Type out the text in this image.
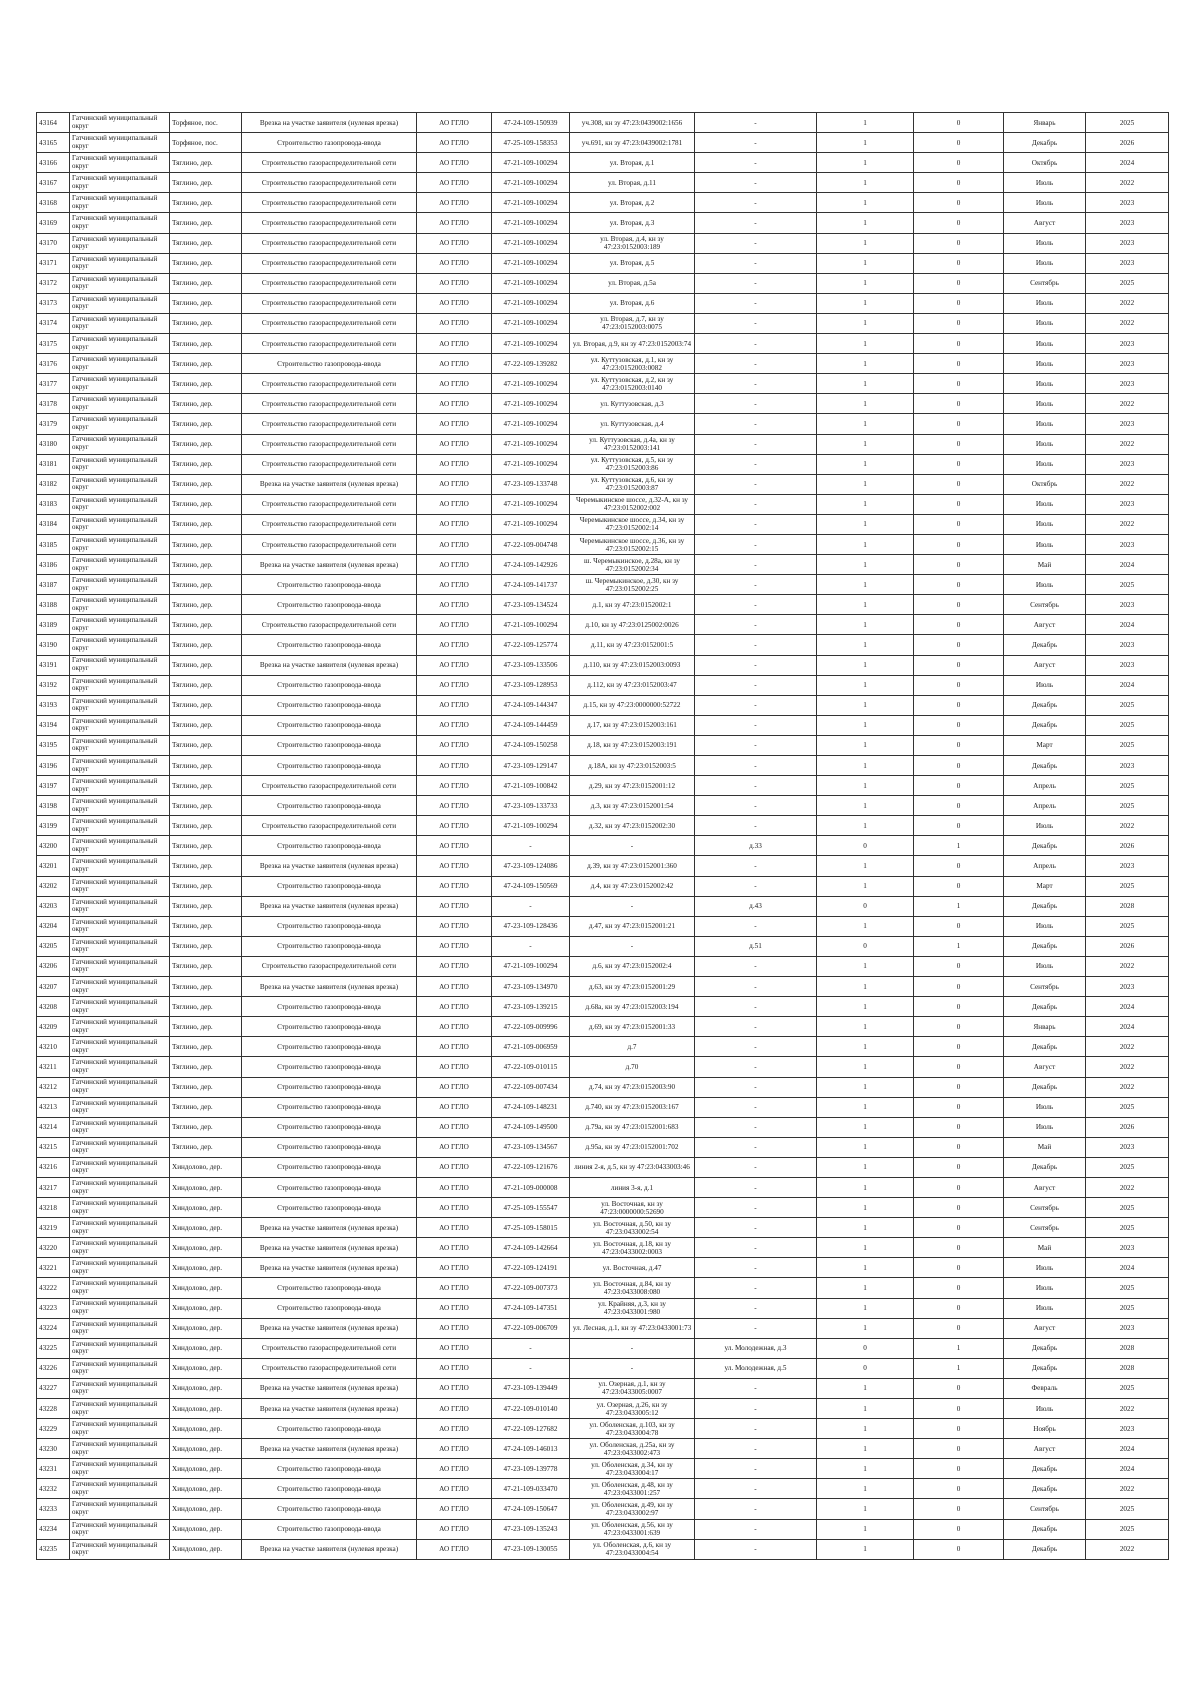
43164	Гатчинский муниципальный округ	Торфяное, пос.	Врезка на участке заявителя (нулевая врезка)	АО ГГЛО	47-24-109-150939	уч.308, кн зу 47:23:0439002:1656	-	1	0	Январь	2025
43165	Гатчинский муниципальный округ	Торфяное, пос.	Строительство газопровода-ввода	АО ГГЛО	47-25-109-158353	уч.691, кн зу 47:23:0439002:1781	-	1	0	Декабрь	2026
43166	Гатчинский муниципальный округ	Тяглино, дер.	Строительство газораспределительной сети	АО ГГЛО	47-21-109-100294	ул. Вторая, д.1	-	1	0	Октябрь	2024
43167	Гатчинский муниципальный округ	Тяглино, дер.	Строительство газораспределительной сети	АО ГГЛО	47-21-109-100294	ул. Вторая, д.11	-	1	0	Июль	2022
43168	Гатчинский муниципальный округ	Тяглино, дер.	Строительство газораспределительной сети	АО ГГЛО	47-21-109-100294	ул. Вторая, д.2	-	1	0	Июль	2023
43169	Гатчинский муниципальный округ	Тяглино, дер.	Строительство газораспределительной сети	АО ГГЛО	47-21-109-100294	ул. Вторая, д.3	-	1	0	Август	2023
43170	Гатчинский муниципальный округ	Тяглино, дер.	Строительство газораспределительной сети	АО ГГЛО	47-21-109-100294	ул. Вторая, д.4, кн зу 47:23:0152003:189	-	1	0	Июль	2023
43171	Гатчинский муниципальный округ	Тяглино, дер.	Строительство газораспределительной сети	АО ГГЛО	47-21-109-100294	ул. Вторая, д.5	-	1	0	Июль	2023
43172	Гатчинский муниципальный округ	Тяглино, дер.	Строительство газораспределительной сети	АО ГГЛО	47-21-109-100294	ул. Вторая, д.5а	-	1	0	Сентябрь	2025
43173	Гатчинский муниципальный округ	Тяглино, дер.	Строительство газораспределительной сети	АО ГГЛО	47-21-109-100294	ул. Вторая, д.6	-	1	0	Июль	2022
43174	Гатчинский муниципальный округ	Тяглино, дер.	Строительство газораспределительной сети	АО ГГЛО	47-21-109-100294	ул. Вторая, д.7, кн зу 47:23:0152003:0075	-	1	0	Июль	2022
43175	Гатчинский муниципальный округ	Тяглино, дер.	Строительство газораспределительной сети	АО ГГЛО	47-21-109-100294	ул. Вторая, д.9, кн зу 47:23:0152003:74	-	1	0	Июль	2023
43176	Гатчинский муниципальный округ	Тяглино, дер.	Строительство газопровода-ввода	АО ГГЛО	47-22-109-139282	ул. Куттузовская, д.1, кн зу 47:23:0152003:0082	-	1	0	Июль	2023
43177	Гатчинский муниципальный округ	Тяглино, дер.	Строительство газораспределительной сети	АО ГГЛО	47-21-109-100294	ул. Куттузовская, д.2, кн зу 47:23:0152003:0140	-	1	0	Июль	2023
43178	Гатчинский муниципальный округ	Тяглино, дер.	Строительство газораспределительной сети	АО ГГЛО	47-21-109-100294	ул. Куттузовская, д.3	-	1	0	Июль	2022
43179	Гатчинский муниципальный округ	Тяглино, дер.	Строительство газораспределительной сети	АО ГГЛО	47-21-109-100294	ул. Куттузовская, д.4	-	1	0	Июль	2023
43180	Гатчинский муниципальный округ	Тяглино, дер.	Строительство газораспределительной сети	АО ГГЛО	47-21-109-100294	ул. Куттузовская, д.4а, кн зу 47:23:0152003:141	-	1	0	Июль	2022
43181	Гатчинский муниципальный округ	Тяглино, дер.	Строительство газораспределительной сети	АО ГГЛО	47-21-109-100294	ул. Куттузовская, д.5, кн зу 47:23:0152003:86	-	1	0	Июль	2023
43182	Гатчинский муниципальный округ	Тяглино, дер.	Врезка на участке заявителя (нулевая врезка)	АО ГГЛО	47-23-109-133748	ул. Куттузовская, д.6, кн зу 47:23:0152003:87	-	1	0	Октябрь	2022
43183	Гатчинский муниципальный округ	Тяглино, дер.	Строительство газораспределительной сети	АО ГГЛО	47-21-109-100294	Черемыкинское шоссе, д.32-А, кн зу 47:23:0152002:002	-	1	0	Июль	2023
43184	Гатчинский муниципальный округ	Тяглино, дер.	Строительство газораспределительной сети	АО ГГЛО	47-21-109-100294	Черемыкинское шоссе, д.34, кн зу 47:23:0152002:14	-	1	0	Июль	2022
43185	Гатчинский муниципальный округ	Тяглино, дер.	Строительство газораспределительной сети	АО ГГЛО	47-22-109-004748	Черемыкинское шоссе, д.36, кн зу 47:23:0152002:15	-	1	0	Июль	2023
43186	Гатчинский муниципальный округ	Тяглино, дер.	Врезка на участке заявителя (нулевая врезка)	АО ГГЛО	47-24-109-142926	ш. Черемыкинское, д.28а, кн зу 47:23:0152002:34	-	1	0	Май	2024
43187	Гатчинский муниципальный округ	Тяглино, дер.	Строительство газопровода-ввода	АО ГГЛО	47-24-109-141737	ш. Черемыкинское, д.30, кн зу 47:23:0152002:25	-	1	0	Июль	2025
43188	Гатчинский муниципальный округ	Тяглино, дер.	Строительство газопровода-ввода	АО ГГЛО	47-23-109-134524	д.1, кн зу 47:23:0152002:1	-	1	0	Сентябрь	2023
43189	Гатчинский муниципальный округ	Тяглино, дер.	Строительство газораспределительной сети	АО ГГЛО	47-21-109-100294	д.10, кн зу 47:23:0125002:0026	-	1	0	Август	2024
43190	Гатчинский муниципальный округ	Тяглино, дер.	Строительство газопровода-ввода	АО ГГЛО	47-22-109-125774	д.11, кн зу 47:23:0152001:5	-	1	0	Декабрь	2023
43191	Гатчинский муниципальный округ	Тяглино, дер.	Врезка на участке заявителя (нулевая врезка)	АО ГГЛО	47-23-109-133506	д.110, кн зу 47:23:0152003:0093	-	1	0	Август	2023
43192	Гатчинский муниципальный округ	Тяглино, дер.	Строительство газопровода-ввода	АО ГГЛО	47-23-109-128953	д.112, кн зу 47:23:0152003:47	-	1	0	Июль	2024
43193	Гатчинский муниципальный округ	Тяглино, дер.	Строительство газопровода-ввода	АО ГГЛО	47-24-109-144347	д.15, кн зу 47:23:0000000:52722	-	1	0	Декабрь	2025
43194	Гатчинский муниципальный округ	Тяглино, дер.	Строительство газопровода-ввода	АО ГГЛО	47-24-109-144459	д.17, кн зу 47:23:0152003:161	-	1	0	Декабрь	2025
43195	Гатчинский муниципальный округ	Тяглино, дер.	Строительство газопровода-ввода	АО ГГЛО	47-24-109-150258	д.18, кн зу 47:23:0152003:191	-	1	0	Март	2025
43196	Гатчинский муниципальный округ	Тяглино, дер.	Строительство газопровода-ввода	АО ГГЛО	47-23-109-129147	д.18А, кн зу 47:23:0152003:5	-	1	0	Декабрь	2023
43197	Гатчинский муниципальный округ	Тяглино, дер.	Строительство газораспределительной сети	АО ГГЛО	47-21-109-100842	д.29, кн зу 47:23:0152001:12	-	1	0	Апрель	2025
43198	Гатчинский муниципальный округ	Тяглино, дер.	Строительство газопровода-ввода	АО ГГЛО	47-23-109-133733	д.3, кн зу 47:23:0152001:54	-	1	0	Апрель	2025
43199	Гатчинский муниципальный округ	Тяглино, дер.	Строительство газораспределительной сети	АО ГГЛО	47-21-109-100294	д.32, кн зу 47:23:0152002:30	-	1	0	Июль	2022
43200	Гатчинский муниципальный округ	Тяглино, дер.	Строительство газопровода-ввода	АО ГГЛО	-	-	д.33	0	1	Декабрь	2026
43201	Гатчинский муниципальный округ	Тяглино, дер.	Врезка на участке заявителя (нулевая врезка)	АО ГГЛО	47-23-109-124086	д.39, кн зу 47:23:0152001:360	-	1	0	Апрель	2023
43202	Гатчинский муниципальный округ	Тяглино, дер.	Строительство газопровода-ввода	АО ГГЛО	47-24-109-150569	д.4, кн зу 47:23:0152002:42	-	1	0	Март	2025
43203	Гатчинский муниципальный округ	Тяглино, дер.	Врезка на участке заявителя (нулевая врезка)	АО ГГЛО	-	-	д.43	0	1	Декабрь	2028
43204	Гатчинский муниципальный округ	Тяглино, дер.	Строительство газопровода-ввода	АО ГГЛО	47-23-109-128436	д.47, кн зу 47:23:0152001:21	-	1	0	Июль	2025
43205	Гатчинский муниципальный округ	Тяглино, дер.	Строительство газопровода-ввода	АО ГГЛО	-	-	д.51	0	1	Декабрь	2026
43206	Гатчинский муниципальный округ	Тяглино, дер.	Строительство газораспределительной сети	АО ГГЛО	47-21-109-100294	д.6, кн зу 47:23:0152002:4	-	1	0	Июль	2022
43207	Гатчинский муниципальный округ	Тяглино, дер.	Врезка на участке заявителя (нулевая врезка)	АО ГГЛО	47-23-109-134970	д.63, кн зу 47:23:0152001:29	-	1	0	Сентябрь	2023
43208	Гатчинский муниципальный округ	Тяглино, дер.	Строительство газопровода-ввода	АО ГГЛО	47-23-109-139215	д.68а, кн зу 47:23:0152003:194	-	1	0	Декабрь	2024
43209	Гатчинский муниципальный округ	Тяглино, дер.	Строительство газопровода-ввода	АО ГГЛО	47-22-109-009996	д.69, кн зу 47:23:0152001:33	-	1	0	Январь	2024
43210	Гатчинский муниципальный округ	Тяглино, дер.	Строительство газопровода-ввода	АО ГГЛО	47-21-109-006959	д.7	-	1	0	Декабрь	2022
43211	Гатчинский муниципальный округ	Тяглино, дер.	Строительство газопровода-ввода	АО ГГЛО	47-22-109-010115	д.70	-	1	0	Август	2022
43212	Гатчинский муниципальный округ	Тяглино, дер.	Строительство газопровода-ввода	АО ГГЛО	47-22-109-007434	д.74, кн зу 47:23:0152003:90	-	1	0	Декабрь	2022
43213	Гатчинский муниципальный округ	Тяглино, дер.	Строительство газопровода-ввода	АО ГГЛО	47-24-109-148231	д.740, кн зу 47:23:0152003:167	-	1	0	Июль	2025
43214	Гатчинский муниципальный округ	Тяглино, дер.	Строительство газопровода-ввода	АО ГГЛО	47-24-109-149500	д.79а, кн зу 47:23:0152001:683	-	1	0	Июль	2026
43215	Гатчинский муниципальный округ	Тяглино, дер.	Строительство газопровода-ввода	АО ГГЛО	47-23-109-134567	д.95а, кн зу 47:23:0152001:702	-	1	0	Май	2023
43216	Гатчинский муниципальный округ	Хиндолово, дер.	Строительство газопровода-ввода	АО ГГЛО	47-22-109-121676	линия 2-я, д.5, кн зу 47:23:0433003:46	-	1	0	Декабрь	2025
43217	Гатчинский муниципальный округ	Хиндолово, дер.	Строительство газопровода-ввода	АО ГГЛО	47-21-109-000008	линия 3-я, д.1	-	1	0	Август	2022
43218	Гатчинский муниципальный округ	Хиндолово, дер.	Строительство газопровода-ввода	АО ГГЛО	47-25-109-155547	ул. Восточная, кн зу 47:23:0000000:52690	-	1	0	Сентябрь	2025
43219	Гатчинский муниципальный округ	Хиндолово, дер.	Врезка на участке заявителя (нулевая врезка)	АО ГГЛО	47-25-109-158015	ул. Восточная, д.50, кн зу 47:23:0433002:54	-	1	0	Сентябрь	2025
43220	Гатчинский муниципальный округ	Хиндолово, дер.	Врезка на участке заявителя (нулевая врезка)	АО ГГЛО	47-24-109-142664	ул. Восточная, д.18, кн зу 47:23:0433002:0003	-	1	0	Май	2023
43221	Гатчинский муниципальный округ	Хиндолово, дер.	Врезка на участке заявителя (нулевая врезка)	АО ГГЛО	47-22-109-124191	ул. Восточная, д.47	-	1	0	Июль	2024
43222	Гатчинский муниципальный округ	Хиндолово, дер.	Строительство газопровода-ввода	АО ГГЛО	47-22-109-007373	ул. Восточная, д.84, кн зу 47:23:0433008:080	-	1	0	Июль	2025
43223	Гатчинский муниципальный округ	Хиндолово, дер.	Строительство газопровода-ввода	АО ГГЛО	47-24-109-147351	ул. Крайняя, д.3, кн зу 47:23:0433001:980	-	1	0	Июль	2025
43224	Гатчинский муниципальный округ	Хиндолово, дер.	Врезка на участке заявителя (нулевая врезка)	АО ГГЛО	47-22-109-006709	ул. Лесная, д.1, кн зу 47:23:0433001:73	-	1	0	Август	2023
43225	Гатчинский муниципальный округ	Хиндолово, дер.	Строительство газораспределительной сети	АО ГГЛО	-	-	ул. Молодежная, д.3	0	1	Декабрь	2028
43226	Гатчинский муниципальный округ	Хиндолово, дер.	Строительство газораспределительной сети	АО ГГЛО	-	-	ул. Молодежная, д.5	0	1	Декабрь	2028
43227	Гатчинский муниципальный округ	Хиндолово, дер.	Врезка на участке заявителя (нулевая врезка)	АО ГГЛО	47-23-109-139449	ул. Озерная, д.1, кн зу 47:23:0433005:0007	-	1	0	Февраль	2025
43228	Гатчинский муниципальный округ	Хиндолово, дер.	Врезка на участке заявителя (нулевая врезка)	АО ГГЛО	47-22-109-010140	ул. Озерная, д.26, кн зу 47:23:0433005:12	-	1	0	Июль	2022
43229	Гатчинский муниципальный округ	Хиндолово, дер.	Строительство газопровода-ввода	АО ГГЛО	47-22-109-127682	ул. Оболенская, д.103, кн зу 47:23:0433004:78	-	1	0	Ноябрь	2023
43230	Гатчинский муниципальный округ	Хиндолово, дер.	Врезка на участке заявителя (нулевая врезка)	АО ГГЛО	47-24-109-146013	ул. Оболенская, д.25а, кн зу 47:23:0433002:473	-	1	0	Август	2024
43231	Гатчинский муниципальный округ	Хиндолово, дер.	Строительство газопровода-ввода	АО ГГЛО	47-23-109-139778	ул. Оболенская, д.34, кн зу 47:23:0433004:17	-	1	0	Декабрь	2024
43232	Гатчинский муниципальный округ	Хиндолово, дер.	Строительство газопровода-ввода	АО ГГЛО	47-21-109-033470	ул. Оболенская, д.48, кн зу 47:23:0433001:257	-	1	0	Декабрь	2022
43233	Гатчинский муниципальный округ	Хиндолово, дер.	Строительство газопровода-ввода	АО ГГЛО	47-24-109-150647	ул. Оболенская, д.49, кн зу 47:23:0433002:97	-	1	0	Сентябрь	2025
43234	Гатчинский муниципальный округ	Хиндолово, дер.	Строительство газопровода-ввода	АО ГГЛО	47-23-109-135243	ул. Оболенская, д.56, кн зу 47:23:0433001:639	-	1	0	Декабрь	2025
43235	Гатчинский муниципальный округ	Хиндолово, дер.	Врезка на участке заявителя (нулевая врезка)	АО ГГЛО	47-23-109-130055	ул. Оболенская, д.6, кн зу 47:23:0433004:54	-	1	0	Декабрь	2022
